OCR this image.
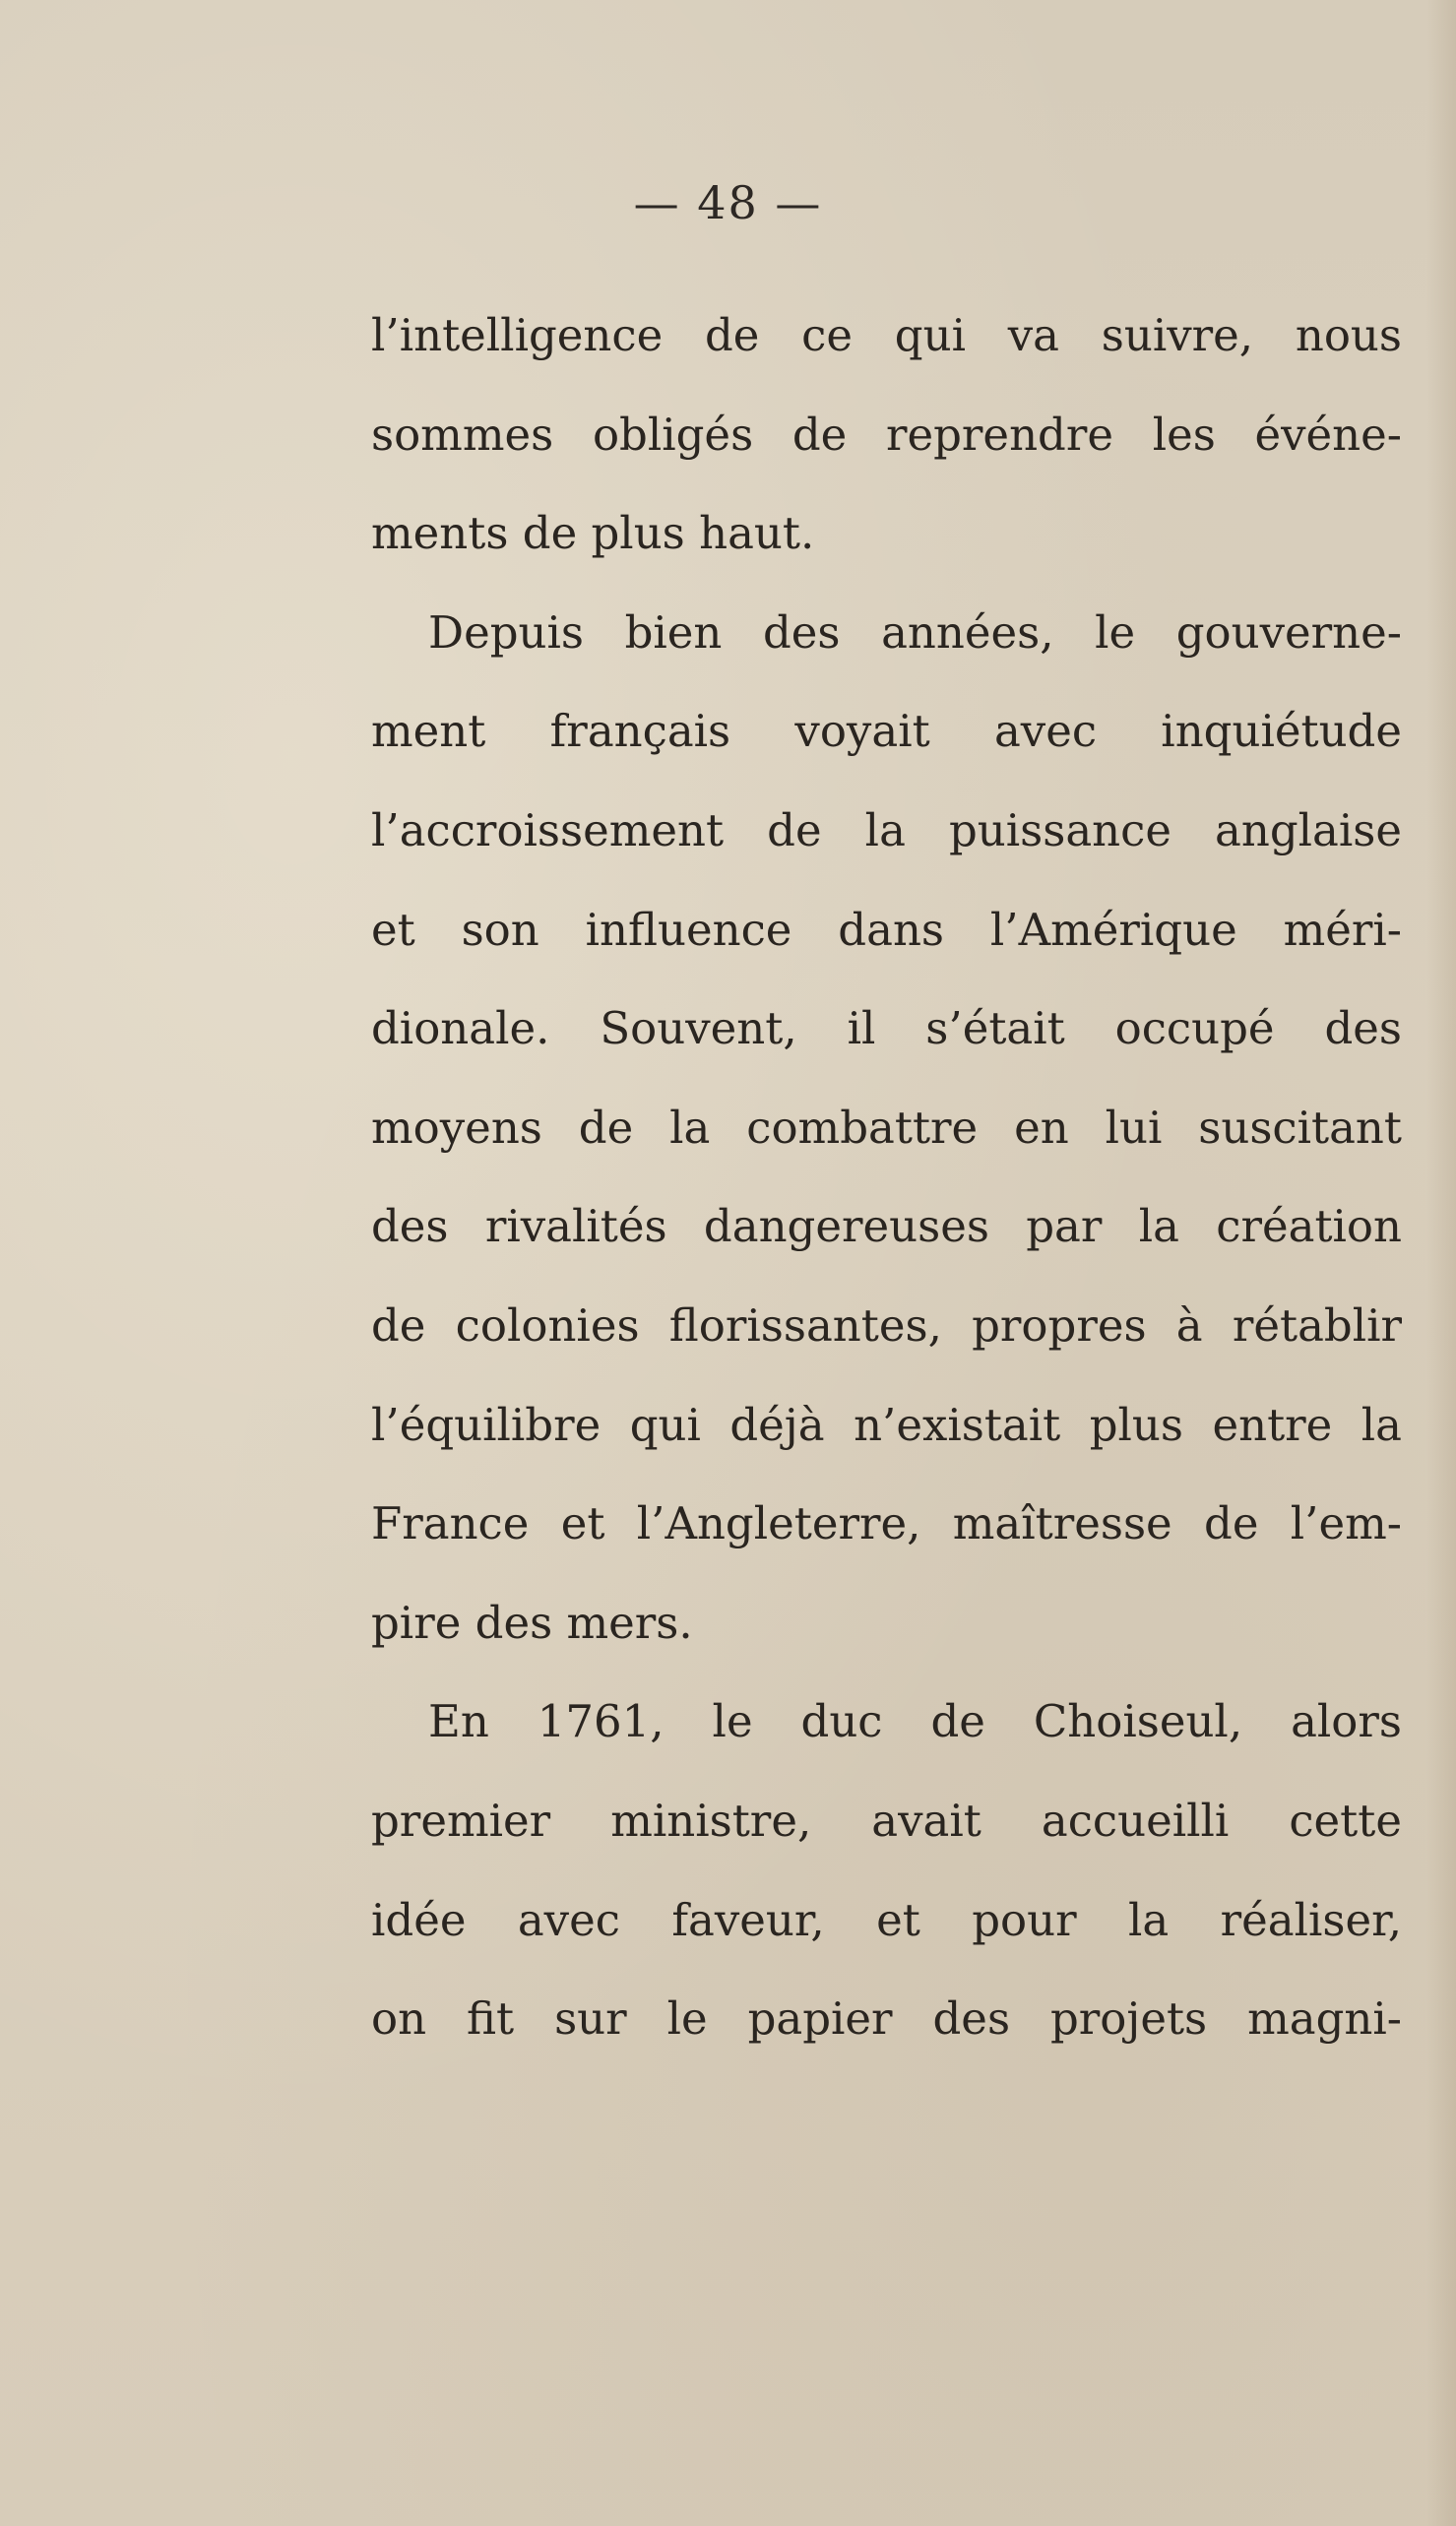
— 48 —

l’intelligence de ce qui va suivre, nous
sommes obligés de reprendre les événe-
ments de plus haut.

Depuis bien des années, le gouverne-
ment français voyait avec inquiétude
l’accroissement de la puissance anglaise
et son influence dans l’Amérique méri-
dionale. Souvent, il s’était occupé des
moyens de la combattre en lui suscitant
des rivalités dangereuses par la création
de colonies florissantes, propres à rétablir
l’équilibre qui déjà n’existait plus entre la
France et l’Angleterre, maîtresse de l’em-
pire des mers.

En 1761, le duc de Choiseul, alors
premier ministre, avait accueilli cette
idée avec faveur, et pour la réaliser,
on fit sur le papier des projets magni-
